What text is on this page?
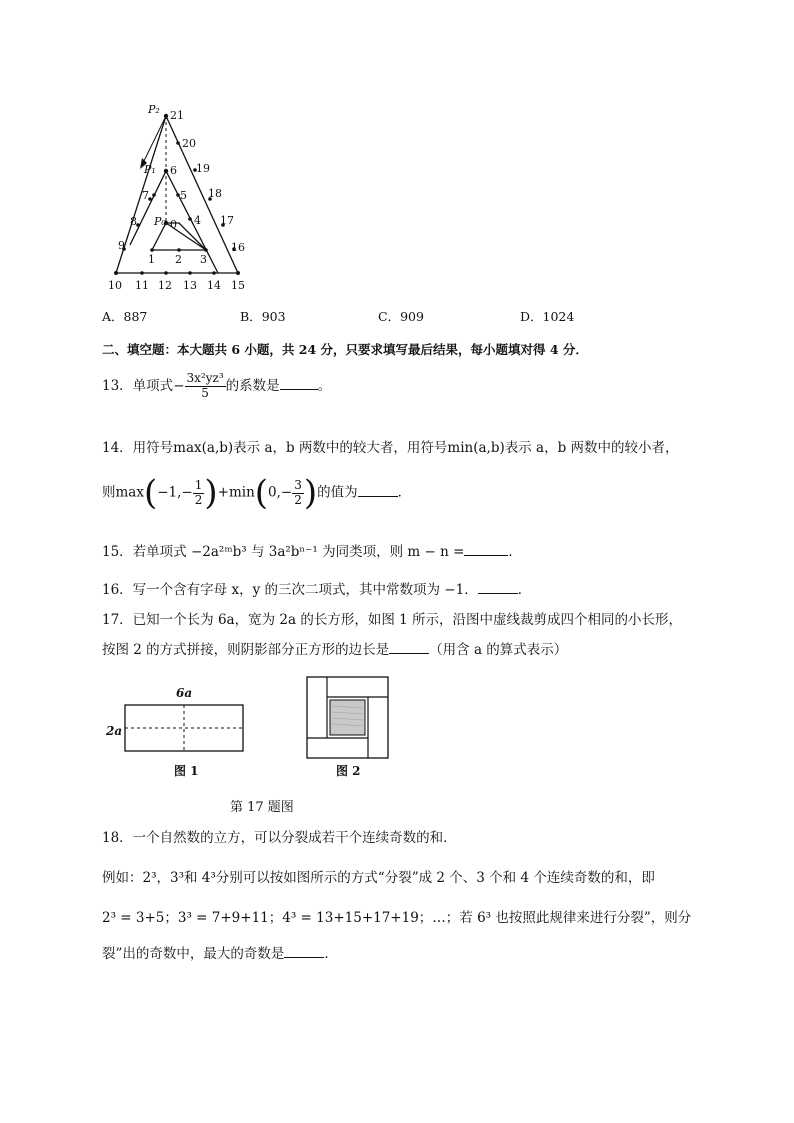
P₂
P₁
P₀
21
20
19
18
17
16
6
5
4
0
7
8
9
1 2 3
10 11 12 13 14 15
A．887	B．903	C．909	D．1024
二、填空题：本大题共 6 小题，共 24 分，只要求填写最后结果，每小题填对得 4 分．
13．单项式− $\frac{\text{3x²yz³}}{5}$ 的系数是	。
14．用符号max(a,b)表示 a，b 两数中的较大者，用符号min(a,b)表示 a，b 两数中的较小者，
则$\max(-1,- \frac{1}{2} )+\min(0,- \frac{3}{2}$ )的值为	．
15．若单项式 −2a²ᵐb³ 与 3a²bⁿ⁻¹ 为同类项，则 m − n =	．
16．写一个含有字母 x，y 的三次二项式，其中常数项为 −1．	．
17．已知一个长为 6a，宽为 2a 的长方形，如图 1 所示，沿图中虚线裁剪成四个相同的小长形，
按图 2 的方式拼接，则阴影部分正方形的边长是	（用含 a 的算式表示）
6a
2a
图 1	图 2
第 17 题图
18．一个自然数的立方，可以分裂成若干个连续奇数的和．
例如：2³，3³和 4³分别可以按如图所示的方式“分裂”成 2 个、3 个和 4 个连续奇数的和，即
2³ = 3+5；3³ = 7+9+11；4³ = 13+15+17+19；…；若 6³ 也按照此规律来进行分裂”，则分
裂”出的奇数中，最大的奇数是	．
